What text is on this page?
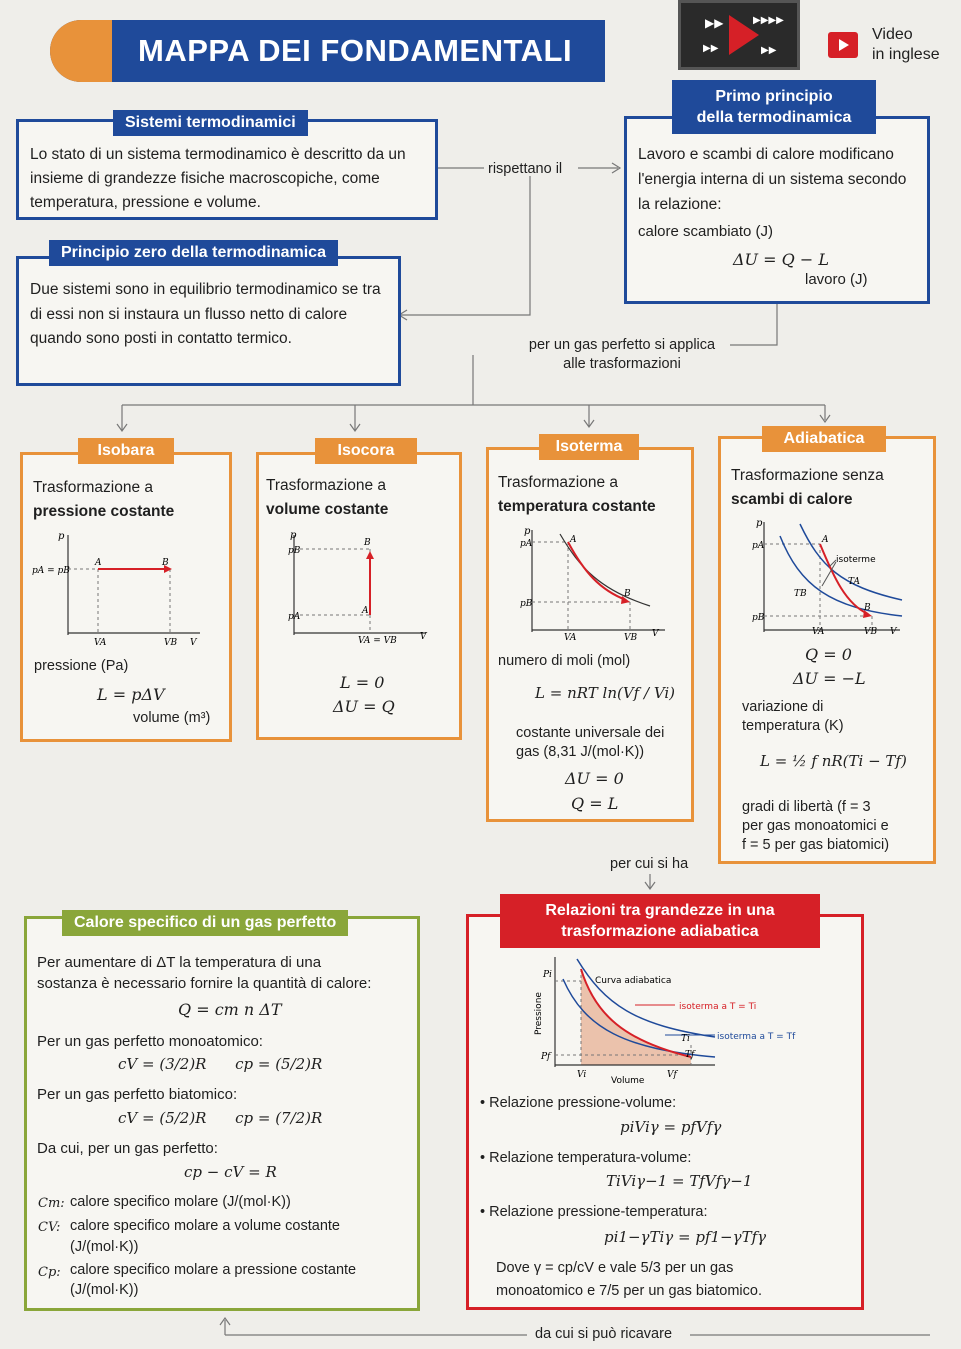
MAPPA DEI FONDAMENTALI
▶▶	▶▶▶▶
▶▶	▶▶
Video
in inglese
Sistemi termodinamici
Lo stato di un sistema termodinamico è descritto da un insieme di grandezze fisiche macroscopiche, come temperatura, pressione e volume.
Primo principio
della termodinamica
Lavoro e scambi di calore modificano l'energia interna di un sistema secondo la relazione:
calore scambiato (J)
ΔU = Q − L
lavoro (J)
rispettano il
Principio zero della termodinamica
Due sistemi sono in equilibrio termodinamico se tra di essi non si instaura un flusso netto di calore quando sono posti in contatto termico.	per un gas perfetto si applica
alle trasformazioni
Isobara
Trasformazione a
pressione costante
p
pA = pB
A	B
VA	VB V
pressione (Pa)
L = pΔV
volume (m³)
Isocora
Trasformazione a
volume costante
p
pB
pA
A
B
VA = VB	V
L = 0
ΔU = Q
Isoterma
Trasformazione a
temperatura costante
p
pA
pB
A
B
VA	VB V
numero di moli (mol)
L = nRT ln(Vf / Vi)
costante universale dei
gas (8,31 J/(mol·K))
ΔU = 0
Q = L
Adiabatica
Trasformazione senza
scambi di calore
p
pA
pB
A
B
isoterme
TA
TB
VA	VB V
Q = 0
ΔU = −L
variazione di
temperatura (K)
L = ½ f nR(Ti − Tf)
gradi di libertà (f = 3
per gas monoatomici e
f = 5 per gas biatomici)
per cui si ha
Calore specifico di un gas perfetto
Per aumentare di ΔT la temperatura di una
sostanza è necessario fornire la quantità di calore:
Q = cm n ΔT
Per un gas perfetto monoatomico:
cV = (3/2)R      cp = (5/2)R
Per un gas perfetto biatomico:
cV = (5/2)R      cp = (7/2)R
Da cui, per un gas perfetto:
cp − cV = R
Cm: calore specifico molare (J/(mol·K))
CV: calore specifico molare a volume costante
(J/(mol·K))
Cp: calore specifico molare a pressione costante
(J/(mol·K))
Relazioni tra grandezze in una
trasformazione adiabatica
Curva adiabatica
isoterma a T = Ti
isoterma a T = Tf
Pi
Pf
Vi	Vf
Ti
Tf
Volume
Pressione
• Relazione pressione-volume:
piViγ = pfVfγ
• Relazione temperatura-volume:
TiViγ−1 = TfVfγ−1
• Relazione pressione-temperatura:
pi1−γTiγ = pf1−γTfγ
Dove γ = cp/cV e vale 5/3 per un gas
monoatomico e 7/5 per un gas biatomico.
da cui si può ricavare
